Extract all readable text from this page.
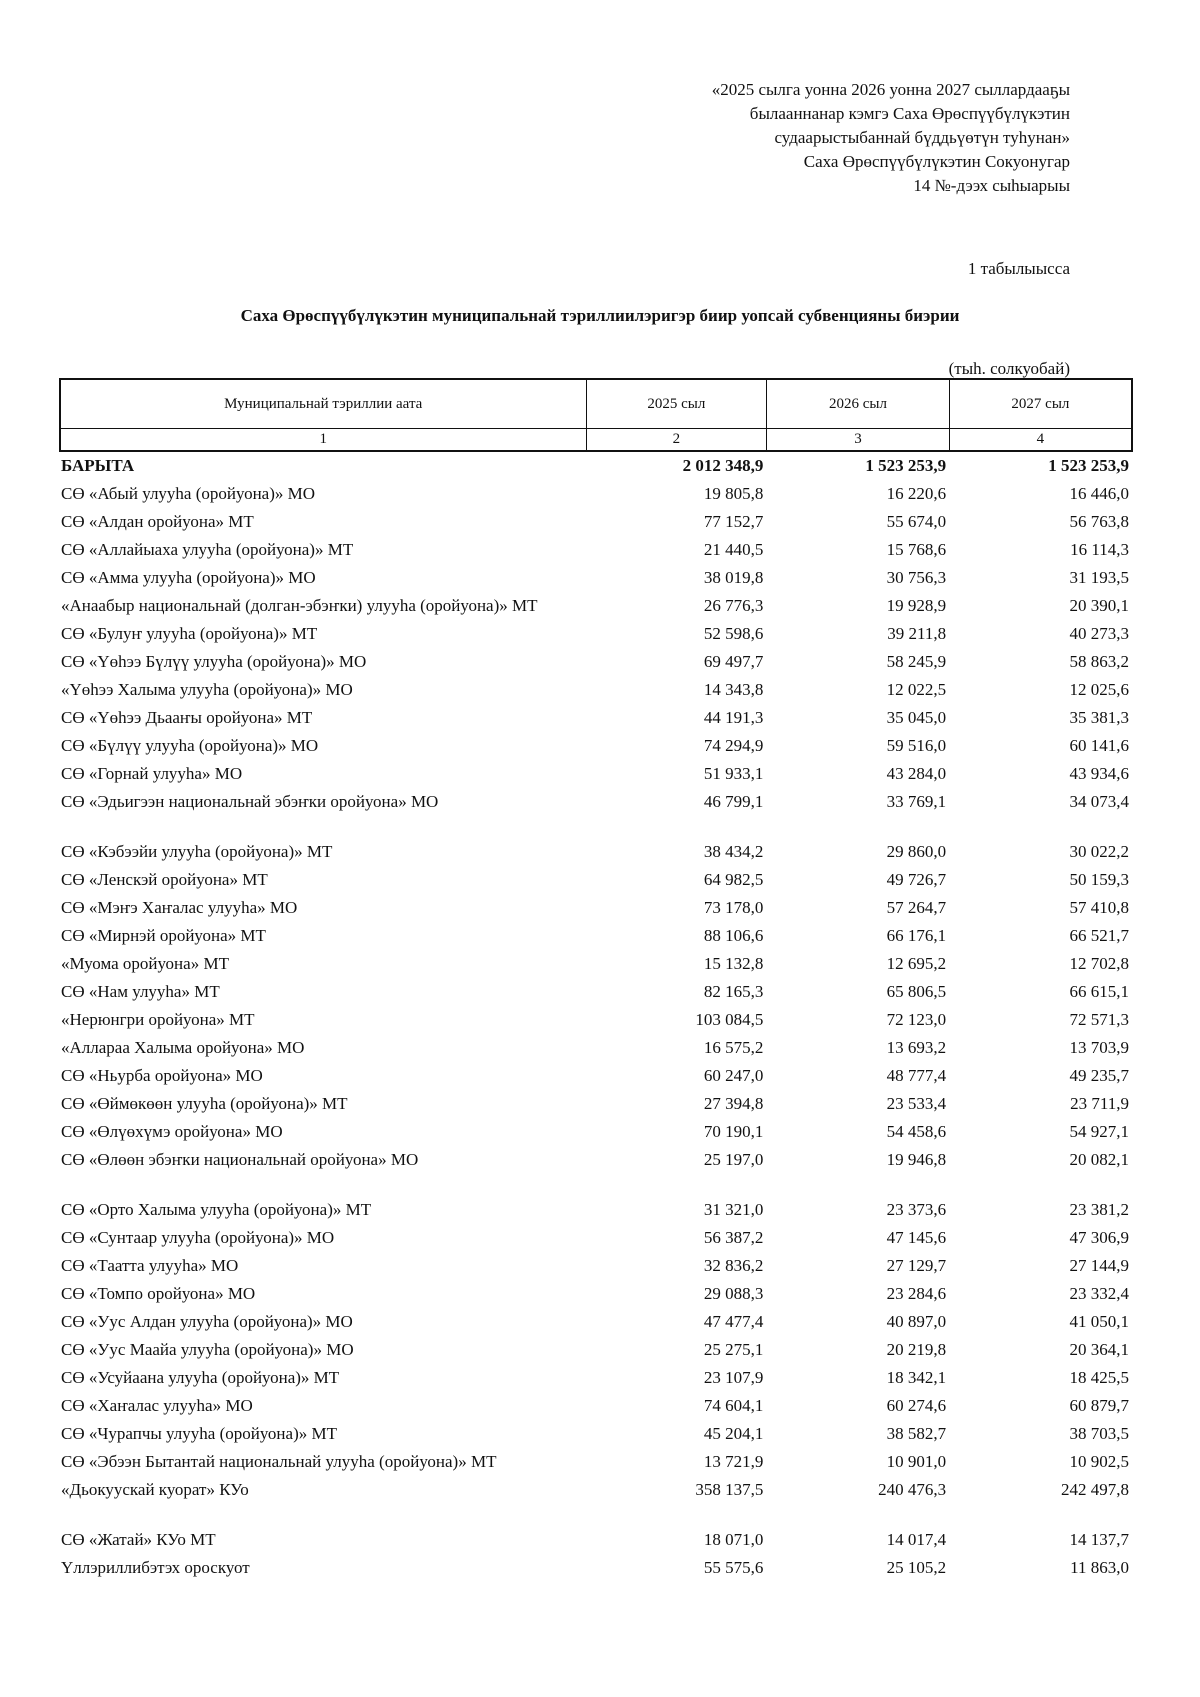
«2025 сылга уонна 2026 уонна 2027 сыллардааҕы
былааннанар кэмгэ Саха Өрөспүүбүлүкэтин
судаарыстыбаннай бүддьүөтүн туһунан»
Саха Өрөспүүбүлүкэтин Сокуонугар
14 №-дээх сыһыарыы
1 табылыысса
Саха Өрөспүүбүлүкэтин муниципальнай тэриллиилэригэр биир уопсай субвенцияны биэрии
(тыһ. солкуобай)
Муниципальнай тэриллии аата	2025 сыл	2026 сыл	2027 сыл
1	2	3	4
БАРЫТА	2 012 348,9	1 523 253,9	1 523 253,9
СӨ «Абый улууһа (оройуона)» МО	19 805,8	16 220,6	16 446,0
СӨ «Алдан оройуона» МТ	77 152,7	55 674,0	56 763,8
СӨ «Аллайыаха улууһа (оройуона)» МТ	21 440,5	15 768,6	16 114,3
СӨ «Амма улууһа (оройуона)» МО	38 019,8	30 756,3	31 193,5
«Анаабыр национальнай (долган-эбэҥки) улууһа (оройуона)» МТ	26 776,3	19 928,9	20 390,1
СӨ «Булуҥ улууһа (оройуона)» МТ	52 598,6	39 211,8	40 273,3
СӨ «Үөһээ Бүлүү улууһа (оройуона)» МО	69 497,7	58 245,9	58 863,2
«Үөһээ Халыма улууһа (оройуона)» МО	14 343,8	12 022,5	12 025,6
СӨ «Үөһээ Дьааҥы оройуона» МТ	44 191,3	35 045,0	35 381,3
СӨ «Бүлүү улууһа (оройуона)» МО	74 294,9	59 516,0	60 141,6
СӨ «Горнай улууһа» МО	51 933,1	43 284,0	43 934,6
СӨ «Эдьигээн национальнай эбэҥки оройуона» МО	46 799,1	33 769,1	34 073,4
СӨ «Кэбээйи улууһа (оройуона)» МТ	38 434,2	29 860,0	30 022,2
СӨ «Ленскэй оройуона» МТ	64 982,5	49 726,7	50 159,3
СӨ «Мэҥэ Хаҥалас улууһа» МО	73 178,0	57 264,7	57 410,8
СӨ «Мирнэй оройуона» МТ	88 106,6	66 176,1	66 521,7
«Муома оройуона» МТ	15 132,8	12 695,2	12 702,8
СӨ «Нам улууһа» МТ	82 165,3	65 806,5	66 615,1
«Нерюнгри оройуона» МТ	103 084,5	72 123,0	72 571,3
«Аллараа Халыма оройуона» МО	16 575,2	13 693,2	13 703,9
СӨ «Ньурба оройуона» МО	60 247,0	48 777,4	49 235,7
СӨ «Өймөкөөн улууһа (оройуона)» МТ	27 394,8	23 533,4	23 711,9
СӨ «Өлүөхүмэ оройуона» МО	70 190,1	54 458,6	54 927,1
СӨ «Өлөөн эбэҥки национальнай оройуона» МО	25 197,0	19 946,8	20 082,1
СӨ «Орто Халыма улууһа (оройуона)» МТ	31 321,0	23 373,6	23 381,2
СӨ «Сунтаар улууһа (оройуона)» МО	56 387,2	47 145,6	47 306,9
СӨ «Таатта улууһа» МО	32 836,2	27 129,7	27 144,9
СӨ «Томпо оройуона» МО	29 088,3	23 284,6	23 332,4
СӨ «Уус Алдан улууһа (оройуона)» МО	47 477,4	40 897,0	41 050,1
СӨ «Уус Маайа улууһа (оройуона)» МО	25 275,1	20 219,8	20 364,1
СӨ «Усуйаана улууһа (оройуона)» МТ	23 107,9	18 342,1	18 425,5
СӨ «Хаҥалас улууһа» МО	74 604,1	60 274,6	60 879,7
СӨ «Чурапчы улууһа (оройуона)» МТ	45 204,1	38 582,7	38 703,5
СӨ «Эбээн Бытантай национальнай улууһа (оройуона)» МТ	13 721,9	10 901,0	10 902,5
«Дьокуускай куорат» КУо	358 137,5	240 476,3	242 497,8
СӨ «Жатай» КУо МТ	18 071,0	14 017,4	14 137,7
Үллэриллибэтэх ороскуот	55 575,6	25 105,2	11 863,0
